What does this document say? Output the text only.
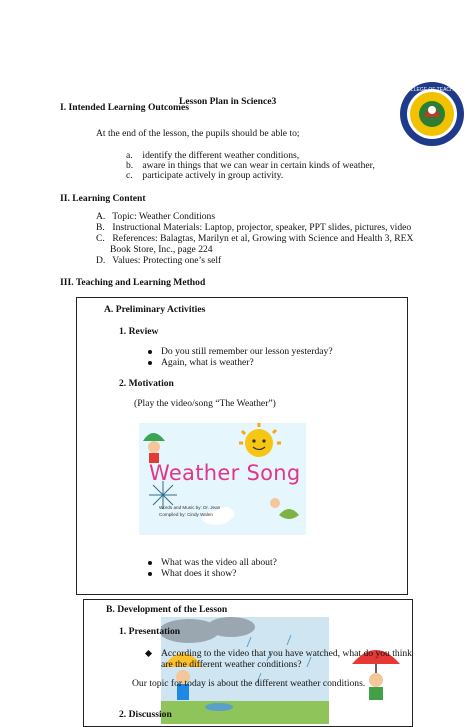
Lesson Plan in Science3
COLLEGE OF TEACHER
I. Intended Learning Outcomes
At the end of the lesson, the pupils should be able to;
a. identify the different weather conditions,
b. aware in things that we can wear in certain kinds of weather,
c. participate actively in group activity.
II. Learning Content
A. Topic: Weather Conditions
B. Instructional Materials: Laptop, projector, speaker, PPT slides, pictures, video
C. References: Balagtas, Marilyn et al, Growing with Science and Health 3, REX
Book Store, Inc., page 224
D. Values: Protecting one’s self
III. Teaching and Learning Method
A. Preliminary Activities
1. Review
Do you still remember our lesson yesterday?
Again, what is weather?
2. Motivation
(Play the video/song “The Weather”)
Weather Song
Words and Music by: Dr. Jean
Compiled by: Cindy Walen
What was the video all about?
What does it show?
B. Development of the Lesson
1. Presentation
According to the video that you have watched, what do you think
are the different weather conditions?
Our topic for today is about the different weather conditions.
2. Discussion
